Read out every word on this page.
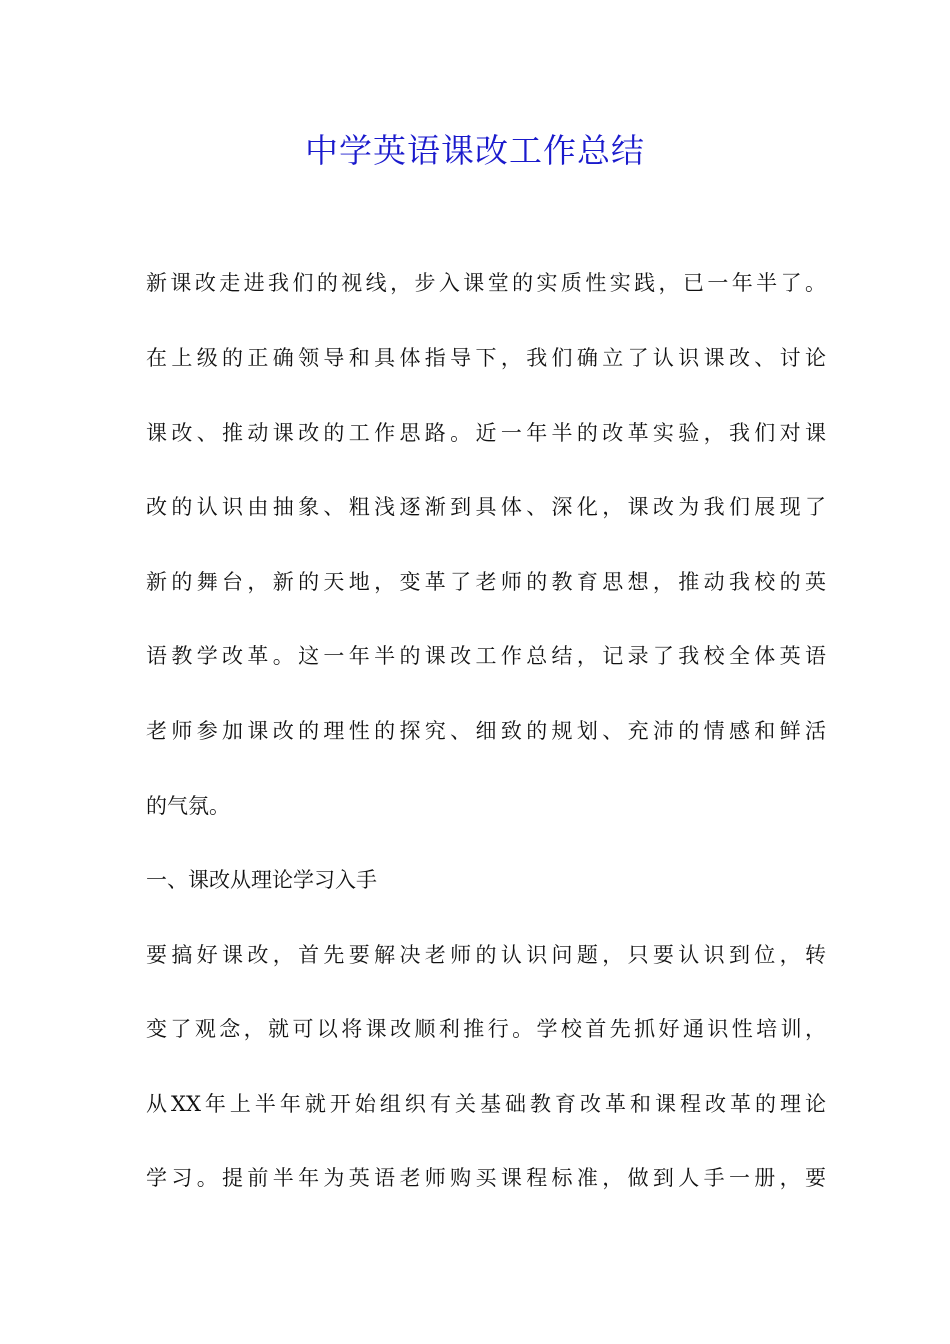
中学英语课改工作总结
新课改走进我们的视线，步入课堂的实质性实践，已一年半了。
在上级的正确领导和具体指导下，我们确立了认识课改、讨论
课改、推动课改的工作思路。近一年半的改革实验，我们对课
改的认识由抽象、粗浅逐渐到具体、深化，课改为我们展现了
新的舞台，新的天地，变革了老师的教育思想，推动我校的英
语教学改革。这一年半的课改工作总结，记录了我校全体英语
老师参加课改的理性的探究、细致的规划、充沛的情感和鲜活
的气氛。
一、课改从理论学习入手
要搞好课改，首先要解决老师的认识问题，只要认识到位，转
变了观念，就可以将课改顺利推行。学校首先抓好通识性培训，
从XX年上半年就开始组织有关基础教育改革和课程改革的理论
学习。提前半年为英语老师购买课程标准，做到人手一册，要
